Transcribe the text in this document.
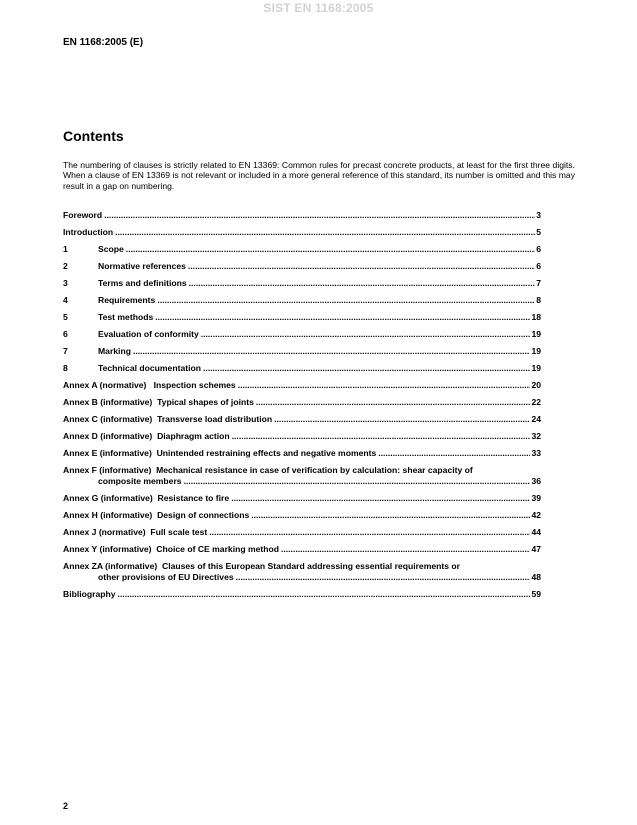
SIST EN 1168:2005
EN 1168:2005 (E)
Contents
The numbering of clauses is strictly related to EN 13369: Common rules for precast concrete products, at least for the first three digits. When a clause of EN 13369 is not relevant or included in a more general reference of this standard, its number is omitted and this may result in a gap on numbering.
Foreword .....	3
Introduction .....	5
1	Scope .....	6
2	Normative references .....	6
3	Terms and definitions .....	7
4	Requirements .....	8
5	Test methods .....	18
6	Evaluation of conformity .....	19
7	Marking .....	19
8	Technical documentation .....	19
Annex A (normative)   Inspection schemes .....	20
Annex B (informative)  Typical shapes of joints .....	22
Annex C (informative)  Transverse load distribution .....	24
Annex D (informative)  Diaphragm action .....	32
Annex E (informative)  Unintended restraining effects and negative moments .....	33
Annex F (informative)  Mechanical resistance in case of verification by calculation: shear capacity of
composite members .....	36
Annex G (informative)  Resistance to fire .....	39
Annex H (informative)  Design of connections .....	42
Annex J (normative)  Full scale test .....	44
Annex Y (informative)  Choice of CE marking method .....	47
Annex ZA (informative)  Clauses of this European Standard addressing essential requirements or
other provisions of EU Directives .....	48
Bibliography .....	59
2
